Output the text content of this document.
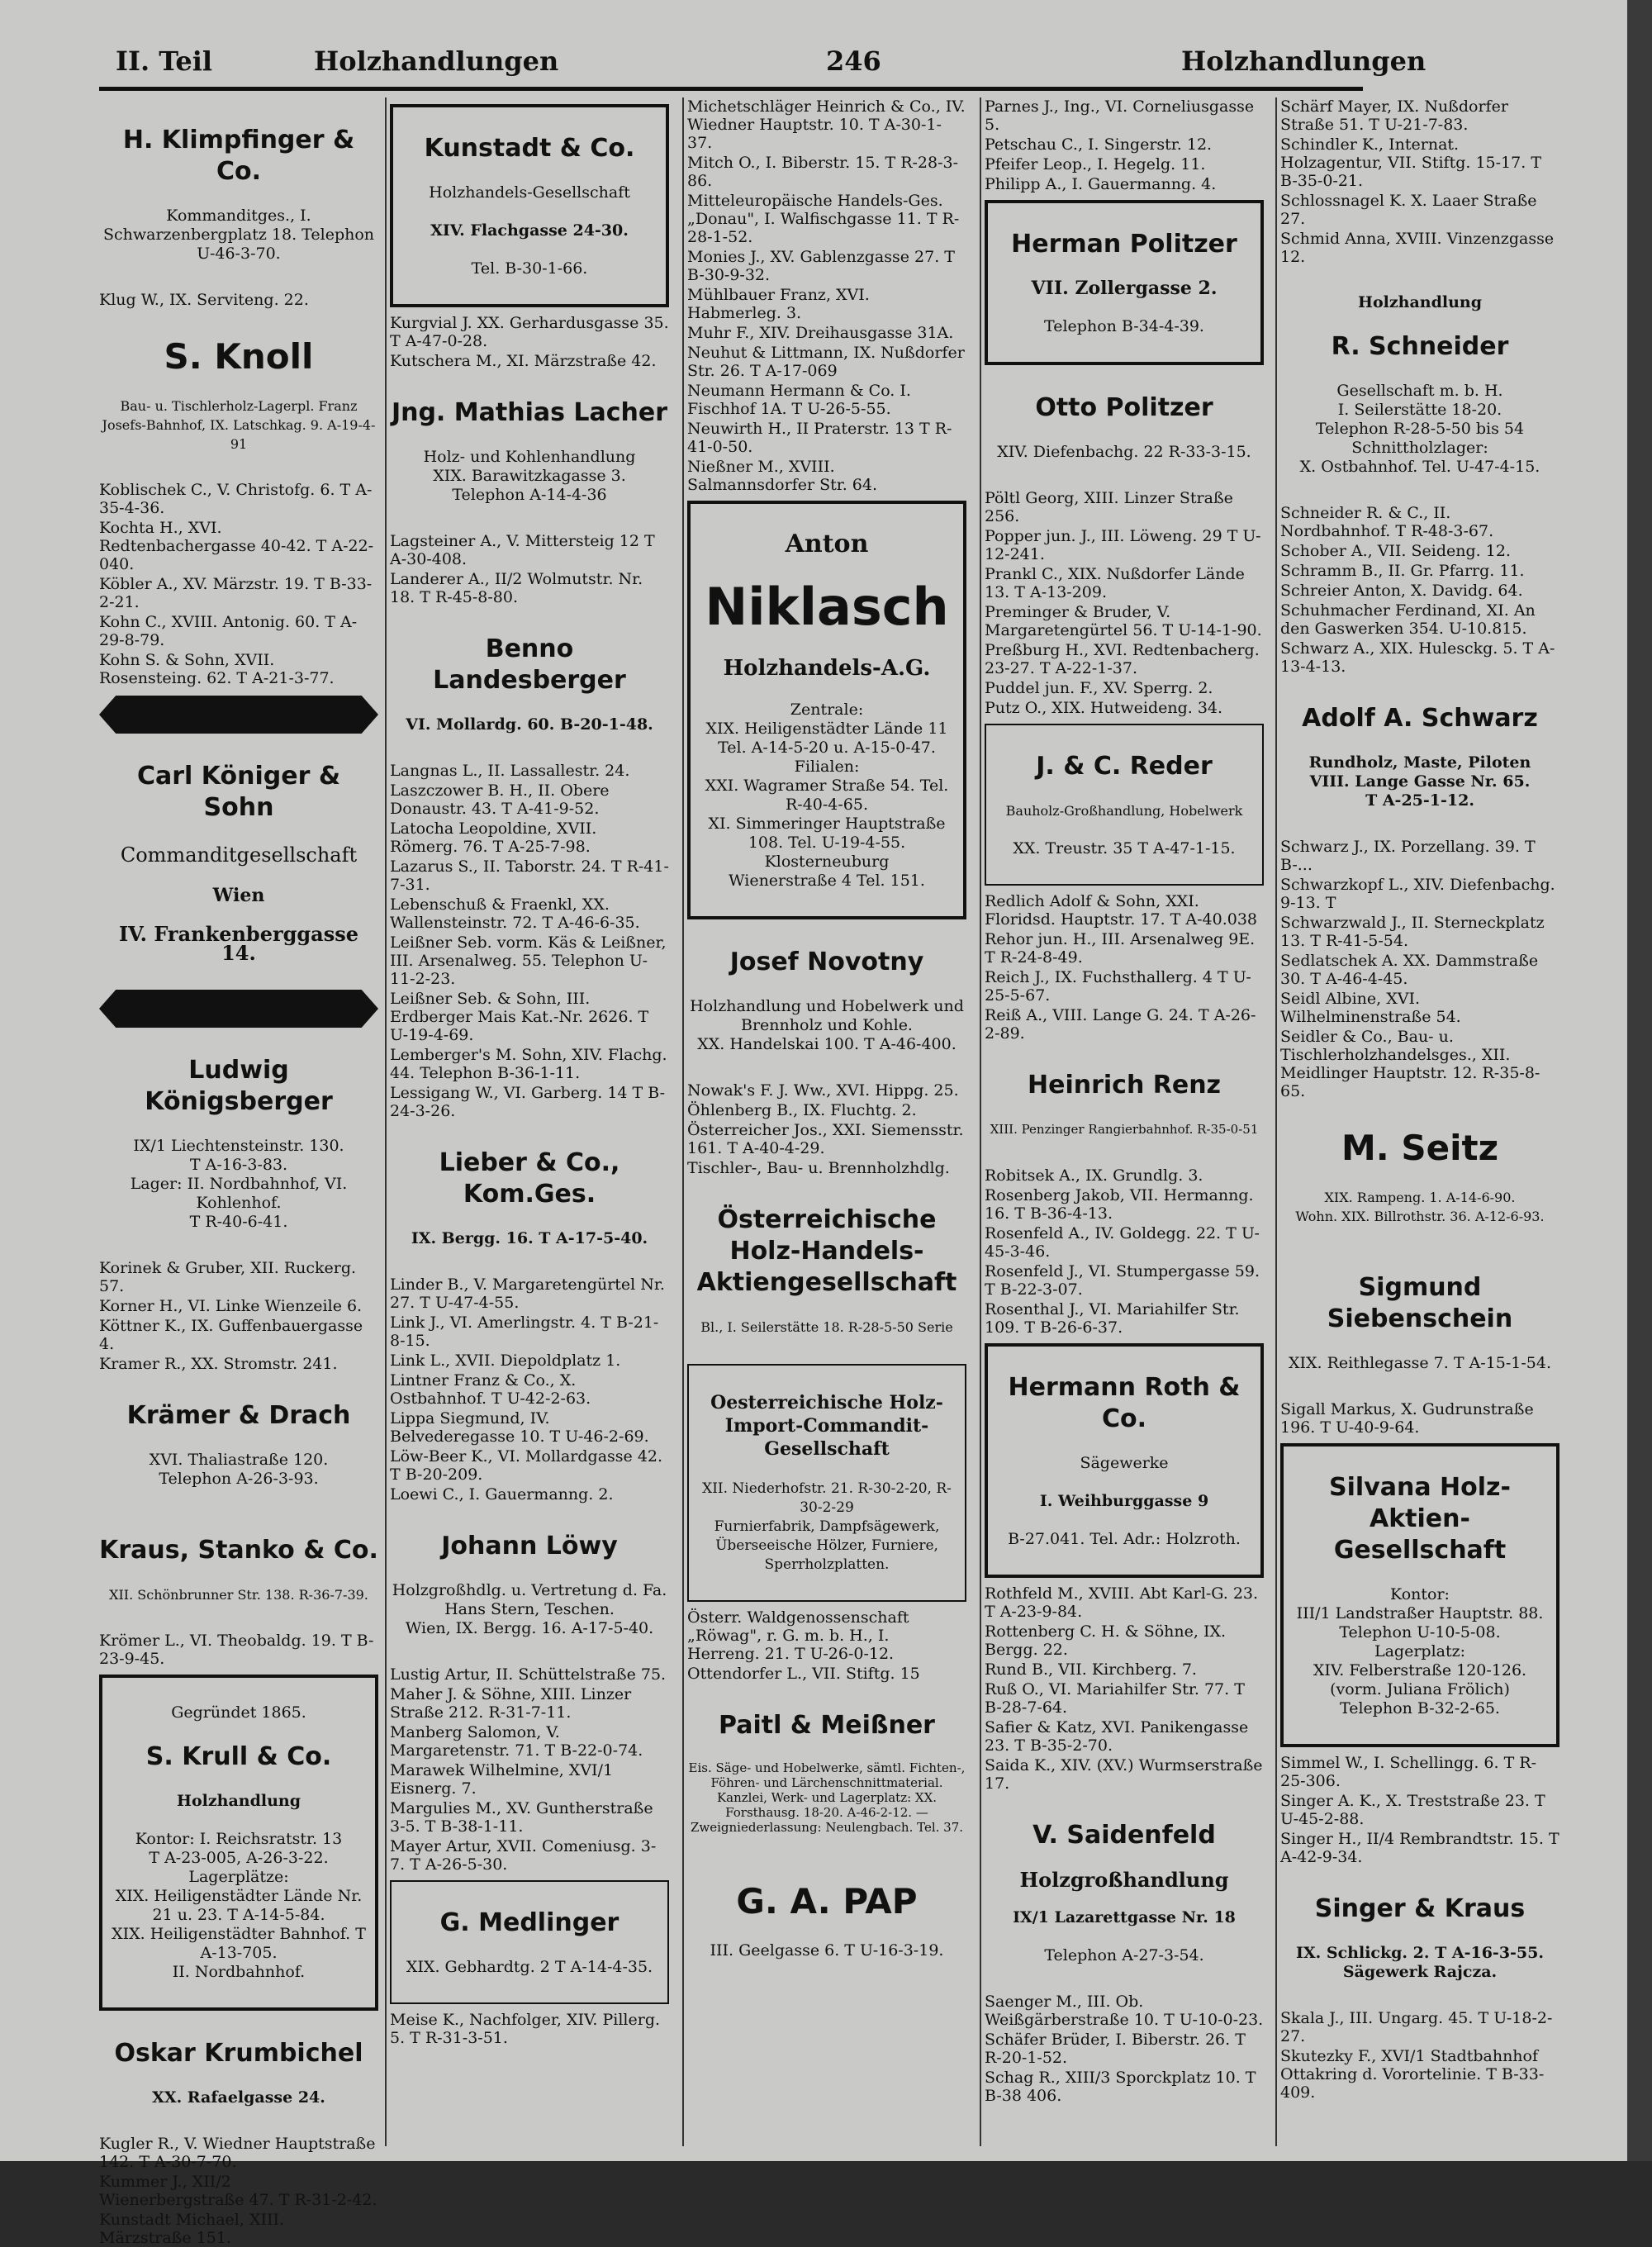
II. Teil	Holzhandlungen	246	Holzhandlungen

H. Klimpfinger & Co.

Kommanditges., I. Schwarzenbergplatz 18. Telephon U-46-3-70.

Klug W., IX. Serviteng. 22.

S. Knoll

Bau- u. Tischlerholz-Lagerpl. Franz Josefs-Bahnhof, IX. Latschkag. 9. A-19-4-91

Koblischek C., V. Christofg. 6. T A-35-4-36.

Kochta H., XVI. Redtenbachergasse 40-42. T A-22-040.

Köbler A., XV. Märzstr. 19. T B-33-2-21.

Kohn C., XVIII. Antonig. 60. T A-29-8-79.

Kohn S. & Sohn, XVII. Rosensteing. 62. T A-21-3-77.

Carl Königer & Sohn

Commanditgesellschaft

Wien

IV. Frankenberggasse 14.

Ludwig Königsberger

IX/1 Liechtensteinstr. 130.
T A-16-3-83.
Lager: II. Nordbahnhof, VI. Kohlenhof.
T R-40-6-41.

Korinek & Gruber, XII. Ruckerg. 57.

Korner H., VI. Linke Wienzeile 6.

Köttner K., IX. Guffenbauergasse 4.

Kramer R., XX. Stromstr. 241.

Krämer & Drach

XVI. Thaliastraße 120.
Telephon A-26-3-93.

Kraus, Stanko & Co.

XII. Schönbrunner Str. 138. R-36-7-39.

Krömer L., VI. Theobaldg. 19. T B-23-9-45.

Gegründet 1865.

S. Krull & Co.

Holzhandlung

Kontor: I. Reichsratstr. 13
T A-23-005, A-26-3-22.
Lagerplätze:
XIX. Heiligenstädter Lände Nr. 21 u. 23. T A-14-5-84.
XIX. Heiligenstädter Bahnhof. T A-13-705.
II. Nordbahnhof.

Oskar Krumbichel

XX. Rafaelgasse 24.

Kugler R., V. Wiedner Hauptstraße 142. T A-30-7-70.

Kummer J., XII/2 Wienerbergstraße 47. T R-31-2-42.

Kunstadt Michael, XIII. Märzstraße 151.

Kunstadt & Co.

Holzhandels-Gesellschaft

XIV. Flachgasse 24-30.

Tel. B-30-1-66.

Kurgvial J. XX. Gerhardusgasse 35. T A-47-0-28.

Kutschera M., XI. Märzstraße 42.

Jng. Mathias Lacher

Holz- und Kohlenhandlung
XIX. Barawitzkagasse 3.
Telephon A-14-4-36

Lagsteiner A., V. Mittersteig 12 T A-30-408.

Landerer A., II/2 Wolmutstr. Nr. 18. T R-45-8-80.

Benno Landesberger

VI. Mollardg. 60. B-20-1-48.

Langnas L., II. Lassallestr. 24.

Laszczower B. H., II. Obere Donaustr. 43. T A-41-9-52.

Latocha Leopoldine, XVII. Römerg. 76. T A-25-7-98.

Lazarus S., II. Taborstr. 24. T R-41-7-31.

Lebenschuß & Fraenkl, XX. Wallensteinstr. 72. T A-46-6-35.

Leißner Seb. vorm. Käs & Leißner, III. Arsenalweg. 55. Telephon U-11-2-23.

Leißner Seb. & Sohn, III. Erdberger Mais Kat.-Nr. 2626. T U-19-4-69.

Lemberger's M. Sohn, XIV. Flachg. 44. Telephon B-36-1-11.

Lessigang W., VI. Garberg. 14 T B-24-3-26.

Lieber & Co., Kom.Ges.

IX. Bergg. 16. T A-17-5-40.

Linder B., V. Margaretengürtel Nr. 27. T U-47-4-55.

Link J., VI. Amerlingstr. 4. T B-21-8-15.

Link L., XVII. Diepoldplatz 1.

Lintner Franz & Co., X. Ostbahnhof. T U-42-2-63.

Lippa Siegmund, IV. Belvederegasse 10. T U-46-2-69.

Löw-Beer K., VI. Mollardgasse 42. T B-20-209.

Loewi C., I. Gauermanng. 2.

Johann Löwy

Holzgroßhdlg. u. Vertretung d. Fa. Hans Stern, Teschen.
Wien, IX. Bergg. 16. A-17-5-40.

Lustig Artur, II. Schüttelstraße 75.

Maher J. & Söhne, XIII. Linzer Straße 212. R-31-7-11.

Manberg Salomon, V. Margaretenstr. 71. T B-22-0-74.

Marawek Wilhelmine, XVI/1 Eisnerg. 7.

Margulies M., XV. Guntherstraße 3-5. T B-38-1-11.

Mayer Artur, XVII. Comeniusg. 3-7. T A-26-5-30.

G. Medlinger

XIX. Gebhardtg. 2 T A-14-4-35.

Meise K., Nachfolger, XIV. Pillerg. 5. T R-31-3-51.

Michetschläger Heinrich & Co., IV. Wiedner Hauptstr. 10. T A-30-1-37.

Mitch O., I. Biberstr. 15. T R-28-3-86.

Mitteleuropäische Handels-Ges. „Donau", I. Walfischgasse 11. T R-28-1-52.

Monies J., XV. Gablenzgasse 27. T B-30-9-32.

Mühlbauer Franz, XVI. Habmerleg. 3.

Muhr F., XIV. Dreihausgasse 31A.

Neuhut & Littmann, IX. Nußdorfer Str. 26. T A-17-069

Neumann Hermann & Co. I. Fischhof 1A. T U-26-5-55.

Neuwirth H., II Praterstr. 13 T R-41-0-50.

Nießner M., XVIII. Salmannsdorfer Str. 64.

Anton

Niklasch

Holzhandels-A.G.

Zentrale:
XIX. Heiligenstädter Lände 11
Tel. A-14-5-20 u. A-15-0-47.
Filialen:
XXI. Wagramer Straße 54. Tel. R-40-4-65.
XI. Simmeringer Hauptstraße 108. Tel. U-19-4-55.
Klosterneuburg
Wienerstraße 4 Tel. 151.

Josef Novotny

Holzhandlung und Hobelwerk und Brennholz und Kohle.
XX. Handelskai 100. T A-46-400.

Nowak's F. J. Ww., XVI. Hippg. 25.

Öhlenberg B., IX. Fluchtg. 2.

Österreicher Jos., XXI. Siemensstr. 161. T A-40-4-29.

Tischler-, Bau- u. Brennholzhdlg.

Österreichische Holz-Handels-Aktiengesellschaft

Bl., I. Seilerstätte 18. R-28-5-50 Serie

Oesterreichische Holz-Import-Commandit-Gesellschaft

XII. Niederhofstr. 21. R-30-2-20, R-30-2-29
Furnierfabrik, Dampfsägewerk, Überseeische Hölzer, Furniere, Sperrholzplatten.

Österr. Waldgenossenschaft „Röwag", r. G. m. b. H., I. Herreng. 21. T U-26-0-12.

Ottendorfer L., VII. Stiftg. 15

Paitl & Meißner

Eis. Säge- und Hobelwerke, sämtl. Fichten-, Föhren- und Lärchenschnittmaterial. Kanzlei, Werk- und Lagerplatz: XX. Forsthausg. 18-20. A-46-2-12. — Zweigniederlassung: Neulengbach. Tel. 37.

G. A. PAP

III. Geelgasse 6. T U-16-3-19.

Parnes J., Ing., VI. Corneliusgasse 5.

Petschau C., I. Singerstr. 12.

Pfeifer Leop., I. Hegelg. 11.

Philipp A., I. Gauermanng. 4.

Herman Politzer

VII. Zollergasse 2.

Telephon B-34-4-39.

Otto Politzer

XIV. Diefenbachg. 22 R-33-3-15.

Pöltl Georg, XIII. Linzer Straße 256.

Popper jun. J., III. Löweng. 29 T U-12-241.

Prankl C., XIX. Nußdorfer Lände 13. T A-13-209.

Preminger & Bruder, V. Margaretengürtel 56. T U-14-1-90.

Preßburg H., XVI. Redtenbacherg. 23-27. T A-22-1-37.

Puddel jun. F., XV. Sperrg. 2.

Putz O., XIX. Hutweideng. 34.

J. & C. Reder

Bauholz-Großhandlung, Hobelwerk

XX. Treustr. 35 T A-47-1-15.

Redlich Adolf & Sohn, XXI. Floridsd. Hauptstr. 17. T A-40.038

Rehor jun. H., III. Arsenalweg 9E. T R-24-8-49.

Reich J., IX. Fuchsthallerg. 4 T U-25-5-67.

Reiß A., VIII. Lange G. 24. T A-26-2-89.

Heinrich Renz

XIII. Penzinger Rangierbahnhof. R-35-0-51

Robitsek A., IX. Grundlg. 3.

Rosenberg Jakob, VII. Hermanng. 16. T B-36-4-13.

Rosenfeld A., IV. Goldegg. 22. T U-45-3-46.

Rosenfeld J., VI. Stumpergasse 59. T B-22-3-07.

Rosenthal J., VI. Mariahilfer Str. 109. T B-26-6-37.

Hermann Roth & Co.

Sägewerke

I. Weihburggasse 9

B-27.041. Tel. Adr.: Holzroth.

Rothfeld M., XVIII. Abt Karl-G. 23. T A-23-9-84.

Rottenberg C. H. & Söhne, IX. Bergg. 22.

Rund B., VII. Kirchberg. 7.

Ruß O., VI. Mariahilfer Str. 77. T B-28-7-64.

Safier & Katz, XVI. Panikengasse 23. T B-35-2-70.

Saida K., XIV. (XV.) Wurmserstraße 17.

V. Saidenfeld

Holzgroßhandlung

IX/1 Lazarettgasse Nr. 18

Telephon A-27-3-54.

Saenger M., III. Ob. Weißgärberstraße 10. T U-10-0-23.

Schäfer Brüder, I. Biberstr. 26. T R-20-1-52.

Schag R., XIII/3 Sporckplatz 10. T B-38 406.

Schärf Mayer, IX. Nußdorfer Straße 51. T U-21-7-83.

Schindler K., Internat. Holzagentur, VII. Stiftg. 15-17. T B-35-0-21.

Schlossnagel K. X. Laaer Straße 27.

Schmid Anna, XVIII. Vinzenzgasse 12.

Holzhandlung

R. Schneider

Gesellschaft m. b. H.
I. Seilerstätte 18-20.
Telephon R-28-5-50 bis 54
Schnittholzlager:
X. Ostbahnhof. Tel. U-47-4-15.

Schneider R. & C., II. Nordbahnhof. T R-48-3-67.

Schober A., VII. Seideng. 12.

Schramm B., II. Gr. Pfarrg. 11.

Schreier Anton, X. Davidg. 64.

Schuhmacher Ferdinand, XI. An den Gaswerken 354. U-10.815.

Schwarz A., XIX. Hulesckg. 5. T A-13-4-13.

Adolf A. Schwarz

Rundholz, Maste, Piloten
VIII. Lange Gasse Nr. 65.
T A-25-1-12.

Schwarz J., IX. Porzellang. 39. T B-...

Schwarzkopf L., XIV. Diefenbachg. 9-13. T

Schwarzwald J., II. Sterneckplatz 13. T R-41-5-54.

Sedlatschek A. XX. Dammstraße 30. T A-46-4-45.

Seidl Albine, XVI. Wilhelminenstraße 54.

Seidler & Co., Bau- u. Tischlerholzhandelsges., XII. Meidlinger Hauptstr. 12. R-35-8-65.

M. Seitz

XIX. Rampeng. 1. A-14-6-90.
Wohn. XIX. Billrothstr. 36. A-12-6-93.

Sigmund Siebenschein

XIX. Reithlegasse 7. T A-15-1-54.

Sigall Markus, X. Gudrunstraße 196. T U-40-9-64.

Silvana Holz-Aktien-Gesellschaft

Kontor:
III/1 Landstraßer Hauptstr. 88.
Telephon U-10-5-08.
Lagerplatz:
XIV. Felberstraße 120-126.
(vorm. Juliana Frölich)
Telephon B-32-2-65.

Simmel W., I. Schellingg. 6. T R-25-306.

Singer A. K., X. Treststraße 23. T U-45-2-88.

Singer H., II/4 Rembrandtstr. 15. T A-42-9-34.

Singer & Kraus

IX. Schlickg. 2. T A-16-3-55.
Sägewerk Rajcza.

Skala J., III. Ungarg. 45. T U-18-2-27.

Skutezky F., XVI/1 Stadtbahnhof Ottakring d. Vorortelinie. T B-33-409.
